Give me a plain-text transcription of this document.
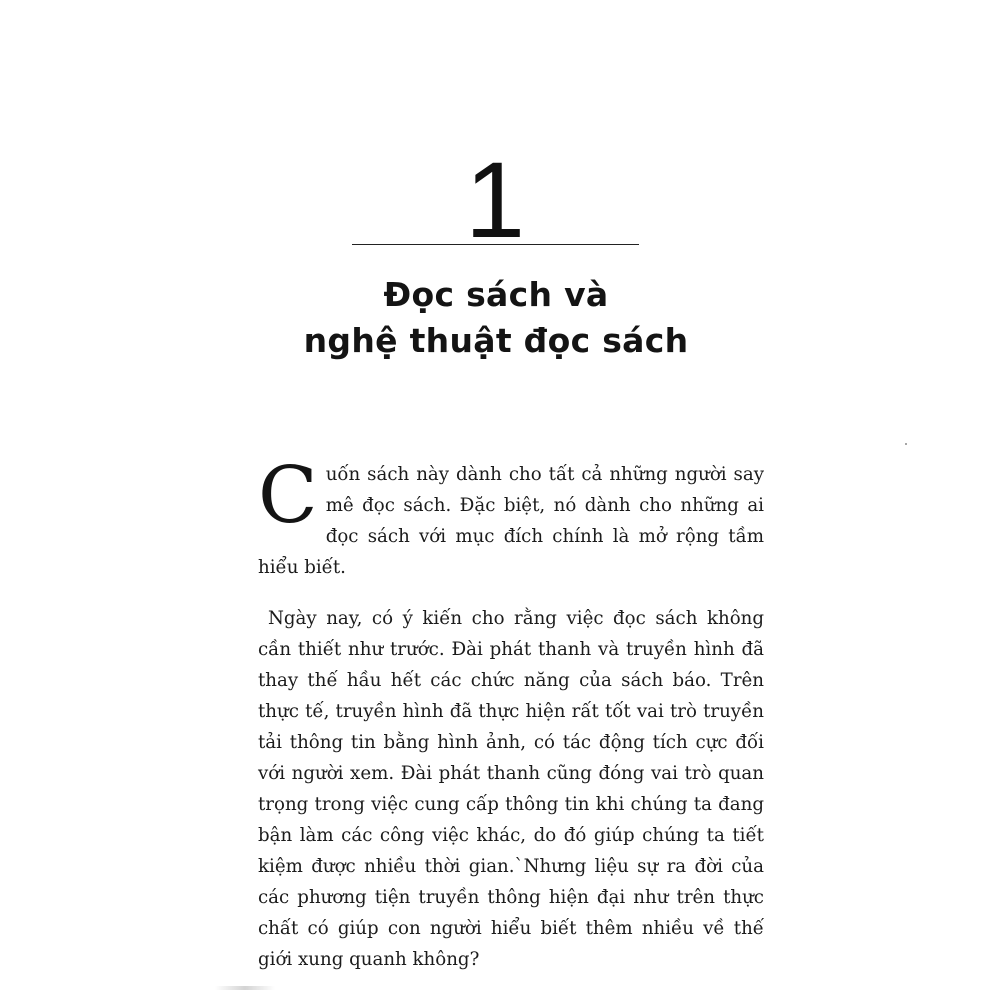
1
Đọc sách và
nghệ thuật đọc sách

Cuốn sách này dành cho tất cả những người say mê đọc sách. Đặc biệt, nó dành cho những ai đọc sách với mục đích chính là mở rộng tầm hiểu biết.

Ngày nay, có ý kiến cho rằng việc đọc sách không cần thiết như trước. Đài phát thanh và truyền hình đã thay thế hầu hết các chức năng của sách báo. Trên thực tế, truyền hình đã thực hiện rất tốt vai trò truyền tải thông tin bằng hình ảnh, có tác động tích cực đối với người xem. Đài phát thanh cũng đóng vai trò quan trọng trong việc cung cấp thông tin khi chúng ta đang bận làm các công việc khác, do đó giúp chúng ta tiết kiệm được nhiều thời gian.`Nhưng liệu sự ra đời của các phương tiện truyền thông hiện đại như trên thực chất có giúp con người hiểu biết thêm nhiều về thế giới xung quanh không?
